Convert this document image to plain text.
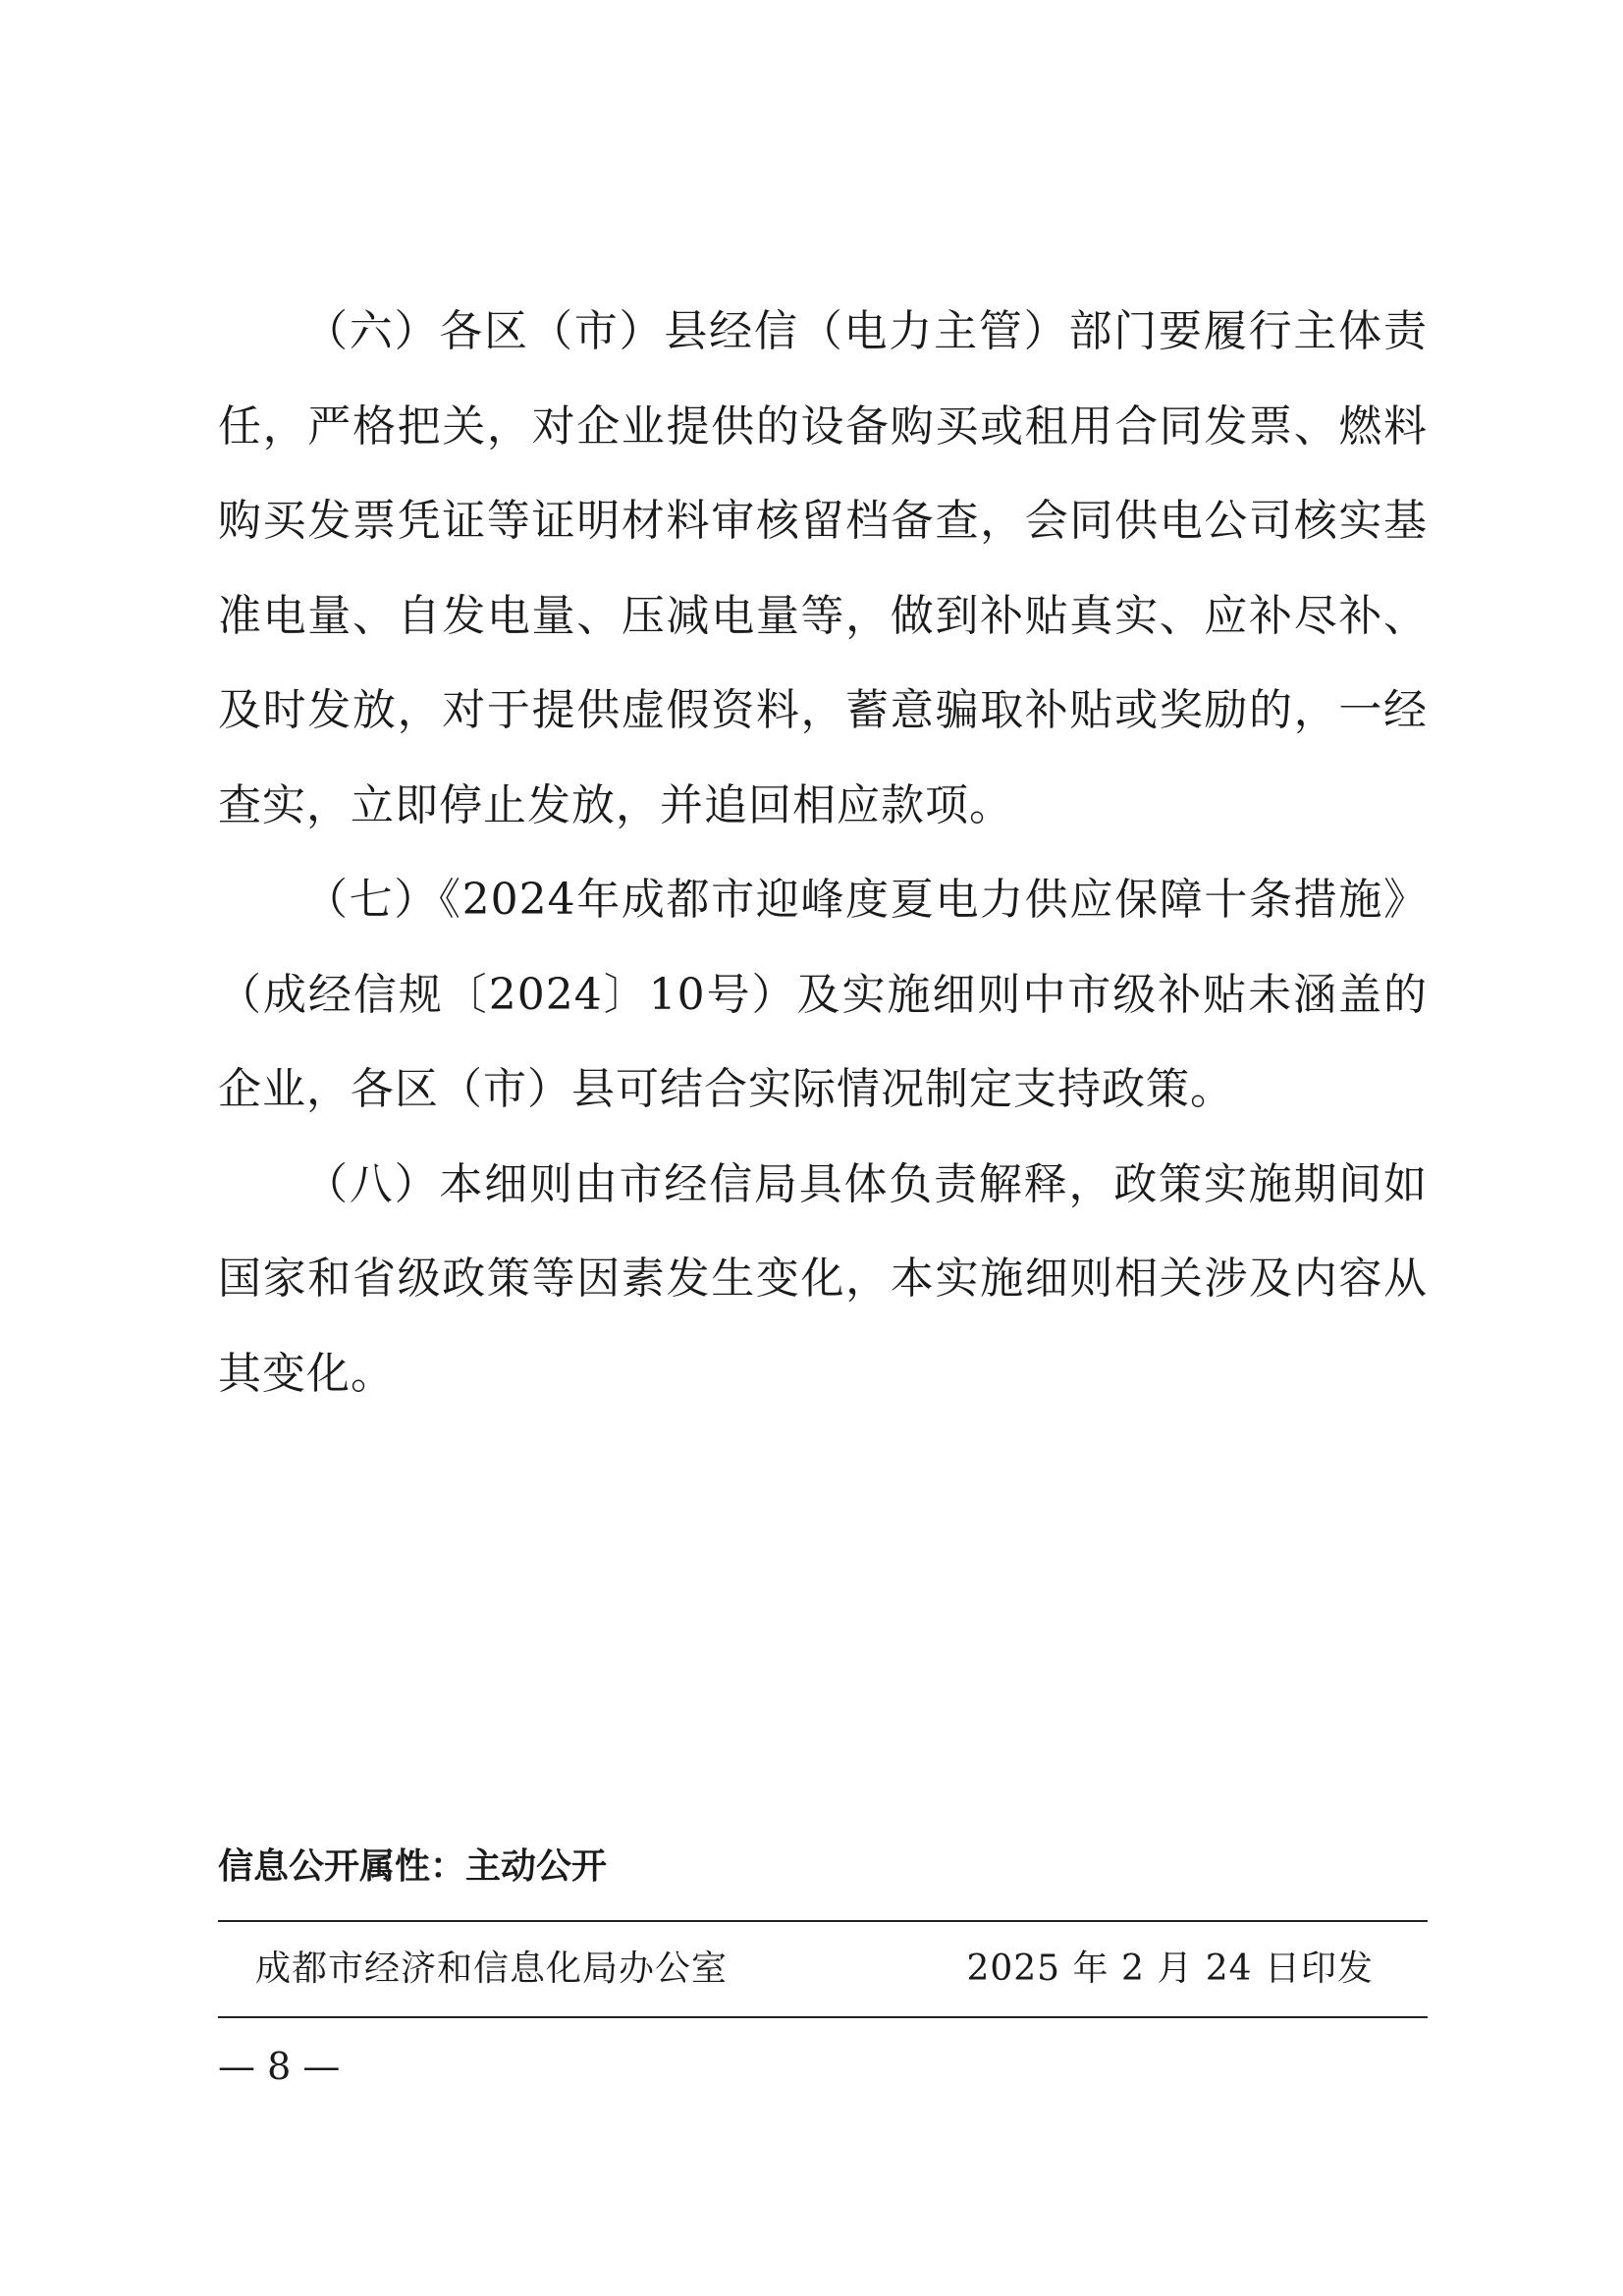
（六）各区（市）县经信（电力主管）部门要履行主体责任，严格把关，对企业提供的设备购买或租用合同发票、燃料购买发票凭证等证明材料审核留档备查，会同供电公司核实基准电量、自发电量、压减电量等，做到补贴真实、应补尽补、及时发放，对于提供虚假资料，蓄意骗取补贴或奖励的，一经查实，立即停止发放，并追回相应款项。

（七）《2024年成都市迎峰度夏电力供应保障十条措施》（成经信规〔2024〕10号）及实施细则中市级补贴未涵盖的企业，各区（市）县可结合实际情况制定支持政策。

（八）本细则由市经信局具体负责解释，政策实施期间如国家和省级政策等因素发生变化，本实施细则相关涉及内容从其变化。

信息公开属性：主动公开
成都市经济和信息化局办公室	2025 年 2 月 24 日印发
— 8 —
